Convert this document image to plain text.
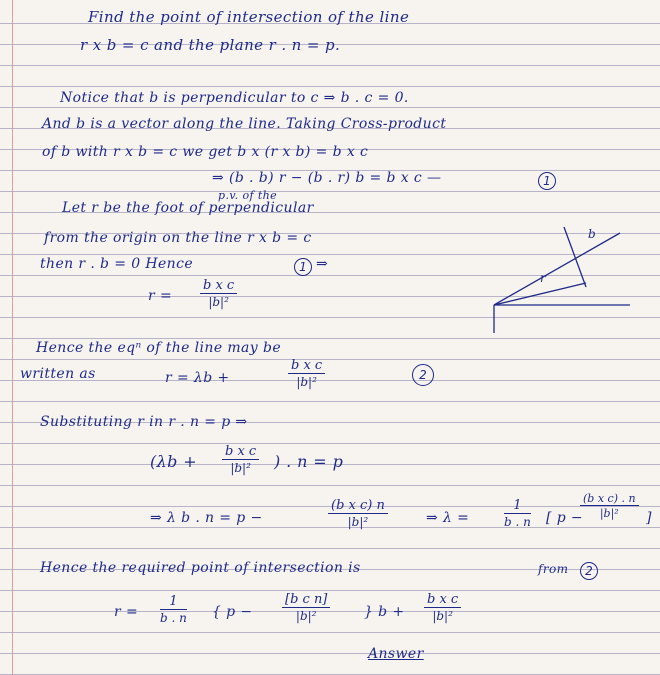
Find the point of intersection of the line
r x b = c and the plane r . n = p.
Notice that b is perpendicular to c ⇒ b . c = 0.
And b is a vector along the line. Taking Cross-product
of b with r x b = c we get b x (r x b) = b x c
⇒ (b . b) r − (b . r) b = b x c —	1
p.v. of the
Let r be the foot of perpendicular
from the origin on the line r x b = c
then r . b = 0 Hence	1 ⇒
$r = \frac{\text{b x c}}{\text{|b|²}}$
b
r
Hence the eqⁿ of the line may be
written as	r = λb +	$\frac{\text{b x c}}{\text{|b|²}}$	2
Substituting r in r . n = p ⇒
($\lambda b + \frac{\text{b x c}}{\text{|b|²}}$ ) . n = p
⇒ λ b . n = p −	$\frac{\text{(b x c) n}}{\text{|b|²}}$	⇒ λ =	$\frac{1}{b . n}$ [ p −
$\frac{\text{(b x c) . n}}{\text{|b|²}}$ ]
Hence the required point of intersection is	from	2
$r = \frac{1}{b . n}$ { $p - \frac{\text{[b c n]}}{\text{|b|²}}$ } $b + \frac{\text{b x c}}{\text{|b|²}}$
Answer
